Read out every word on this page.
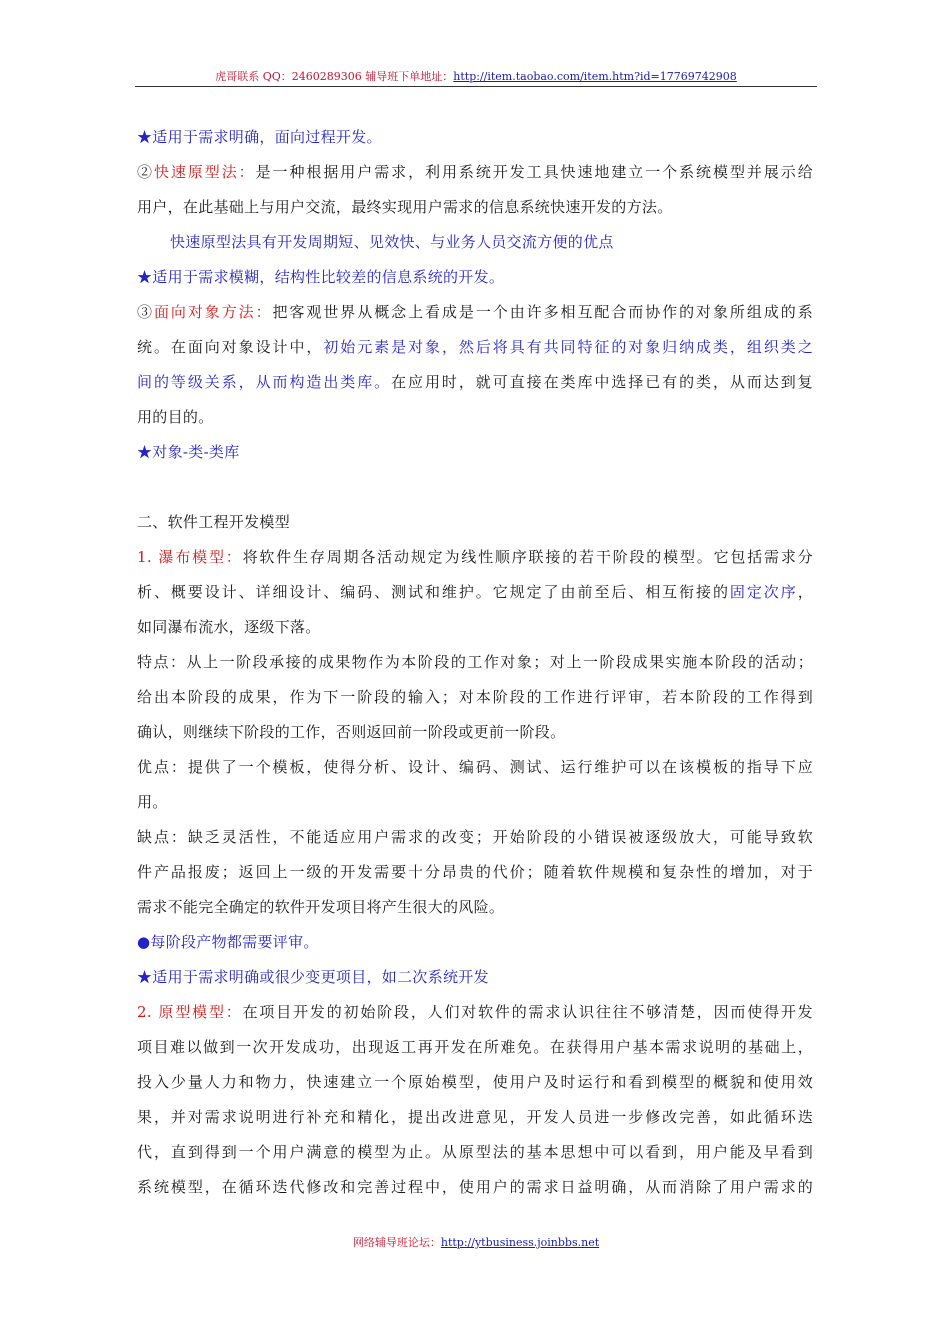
虎哥联系 QQ：2460289306 辅导班下单地址：http://item.taobao.com/item.htm?id=17769742908
★适用于需求明确，面向过程开发。
②快速原型法：是一种根据用户需求，利用系统开发工具快速地建立一个系统模型并展示给
用户，在此基础上与用户交流，最终实现用户需求的信息系统快速开发的方法。
快速原型法具有开发周期短、见效快、与业务人员交流方便的优点
★适用于需求模糊，结构性比较差的信息系统的开发。
③面向对象方法：把客观世界从概念上看成是一个由许多相互配合而协作的对象所组成的系
统。在面向对象设计中，初始元素是对象，然后将具有共同特征的对象归纳成类，组织类之
间的等级关系，从而构造出类库。在应用时，就可直接在类库中选择已有的类，从而达到复
用的目的。
★对象-类-类库
二、软件工程开发模型
1. 瀑布模型：将软件生存周期各活动规定为线性顺序联接的若干阶段的模型。它包括需求分
析、概要设计、详细设计、编码、测试和维护。它规定了由前至后、相互衔接的固定次序，
如同瀑布流水，逐级下落。
特点：从上一阶段承接的成果物作为本阶段的工作对象；对上一阶段成果实施本阶段的活动；
给出本阶段的成果，作为下一阶段的输入；对本阶段的工作进行评审，若本阶段的工作得到
确认，则继续下阶段的工作，否则返回前一阶段或更前一阶段。
优点：提供了一个模板，使得分析、设计、编码、测试、运行维护可以在该模板的指导下应
用。
缺点：缺乏灵活性，不能适应用户需求的改变；开始阶段的小错误被逐级放大，可能导致软
件产品报废；返回上一级的开发需要十分昂贵的代价；随着软件规模和复杂性的增加，对于
需求不能完全确定的软件开发项目将产生很大的风险。
●每阶段产物都需要评审。
★适用于需求明确或很少变更项目，如二次系统开发
2. 原型模型：在项目开发的初始阶段，人们对软件的需求认识往往不够清楚，因而使得开发
项目难以做到一次开发成功，出现返工再开发在所难免。在获得用户基本需求说明的基础上，
投入少量人力和物力，快速建立一个原始模型，使用户及时运行和看到模型的概貌和使用效
果，并对需求说明进行补充和精化，提出改进意见，开发人员进一步修改完善，如此循环迭
代，直到得到一个用户满意的模型为止。从原型法的基本思想中可以看到，用户能及早看到
系统模型，在循环迭代修改和完善过程中，使用户的需求日益明确，从而消除了用户需求的
网络辅导班论坛：http://ytbusiness.joinbbs.net
